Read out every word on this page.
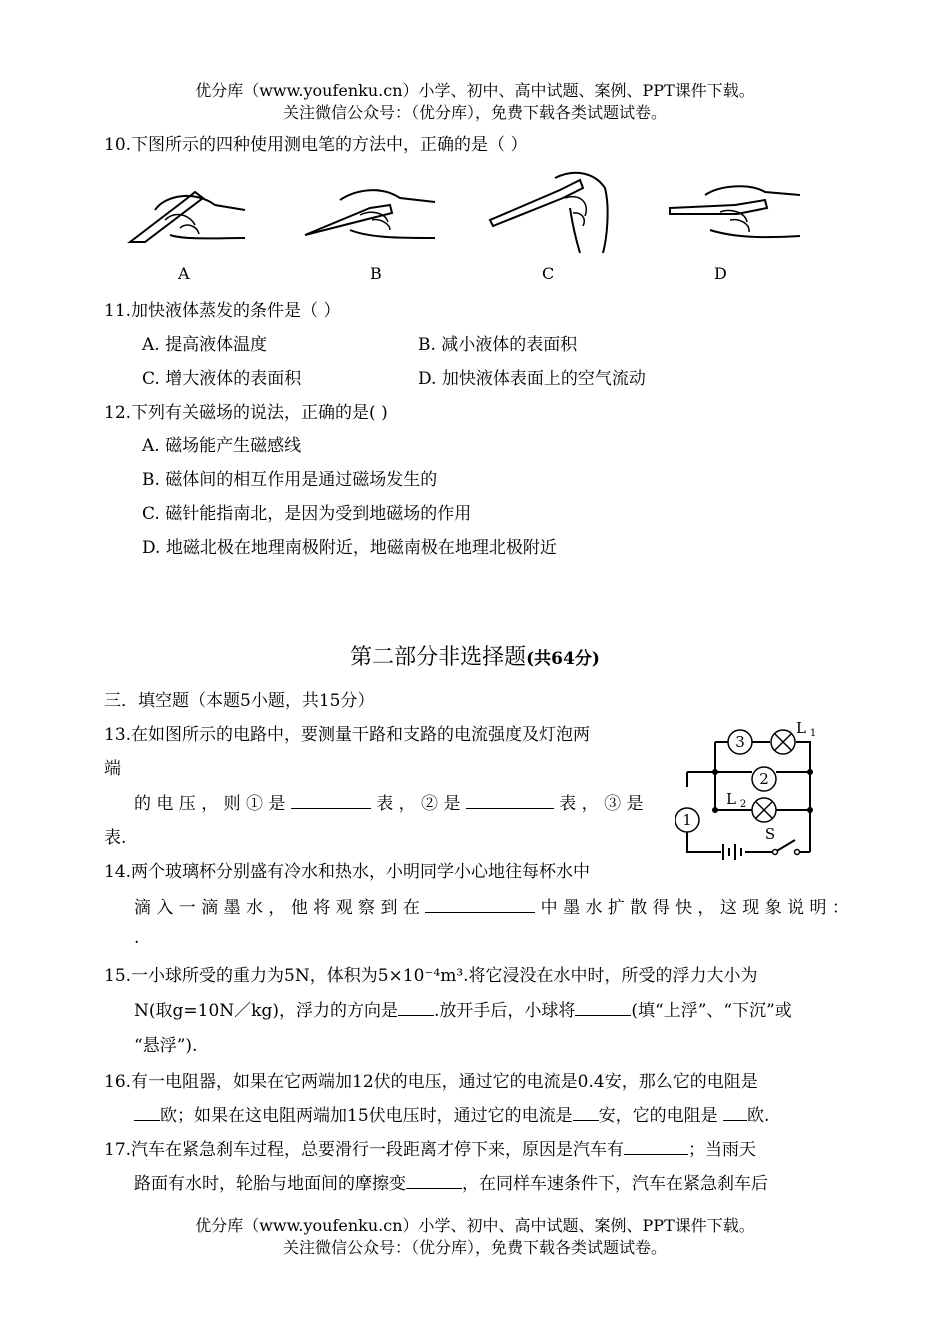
优分库（www.youfenku.cn）小学、初中、高中试题、案例、PPT课件下载。
关注微信公众号：（优分库），免费下载各类试题试卷。
10.下图所示的四种使用测电笔的方法中，正确的是（ ）
A	B	C	D
11.加快液体蒸发的条件是（ ）
A. 提高液体温度	B. 减小液体的表面积
C. 增大液体的表面积	D. 加快液体表面上的空气流动
12.下列有关磁场的说法，正确的是( )
A. 磁场能产生磁感线
B. 磁体间的相互作用是通过磁场发生的
C. 磁针能指南北，是因为受到地磁场的作用
D. 地磁北极在地理南极附近，地磁南极在地理北极附近
第二部分非选择题(共64分)
三．填空题（本题5小题，共15分）
13.在如图所示的电路中，要测量干路和支路的电流强度及灯泡两
端
的 电 压 ， 则 ① 是	表 ， ② 是	表 ， ③ 是
表.
3
2
1
L 1
L 2
S
14.两个玻璃杯分别盛有冷水和热水，小明同学小心地往每杯水中
滴 入 一 滴 墨 水 ， 他 将 观 察 到 在	中 墨 水 扩 散 得 快 ， 这 现 象 说 明 ：
.
15.一小球所受的重力为5N，体积为5×10⁻⁴m³.将它浸没在水中时，所受的浮力大小为
N(取g=10N／kg)，浮力的方向是 .放开手后，小球将	(填“上浮”、“下沉”或
“悬浮”).
16.有一电阻器，如果在它两端加12伏的电压，通过它的电流是0.4安，那么它的电阻是
欧；如果在这电阻两端加15伏电压时，通过它的电流是 安，它的电阻是 欧.
17.汽车在紧急刹车过程，总要滑行一段距离才停下来，原因是汽车有	；当雨天
路面有水时，轮胎与地面间的摩擦变	，在同样车速条件下，汽车在紧急刹车后
优分库（www.youfenku.cn）小学、初中、高中试题、案例、PPT课件下载。
关注微信公众号：（优分库），免费下载各类试题试卷。
